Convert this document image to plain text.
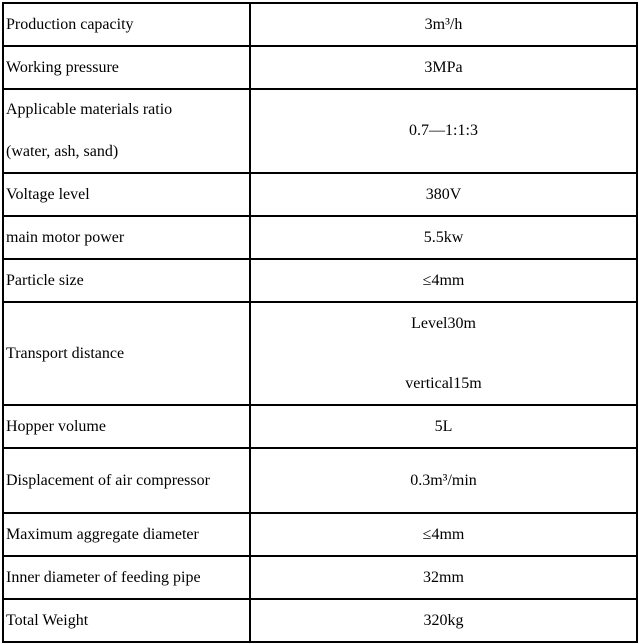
Production capacity	3m³/h
Working pressure	3MPa

Applicable materials ratio
(water, ash, sand)	0.7—1:1:3
Voltage level	380V
main motor power	5.5kw
Particle size	≤4mm
Transport distance	Level30m
vertical15m

Hopper volume	5L
Displacement of air compressor	0.3m³/min
Maximum aggregate diameter	≤4mm
Inner diameter of feeding pipe	32mm
Total Weight	320kg
